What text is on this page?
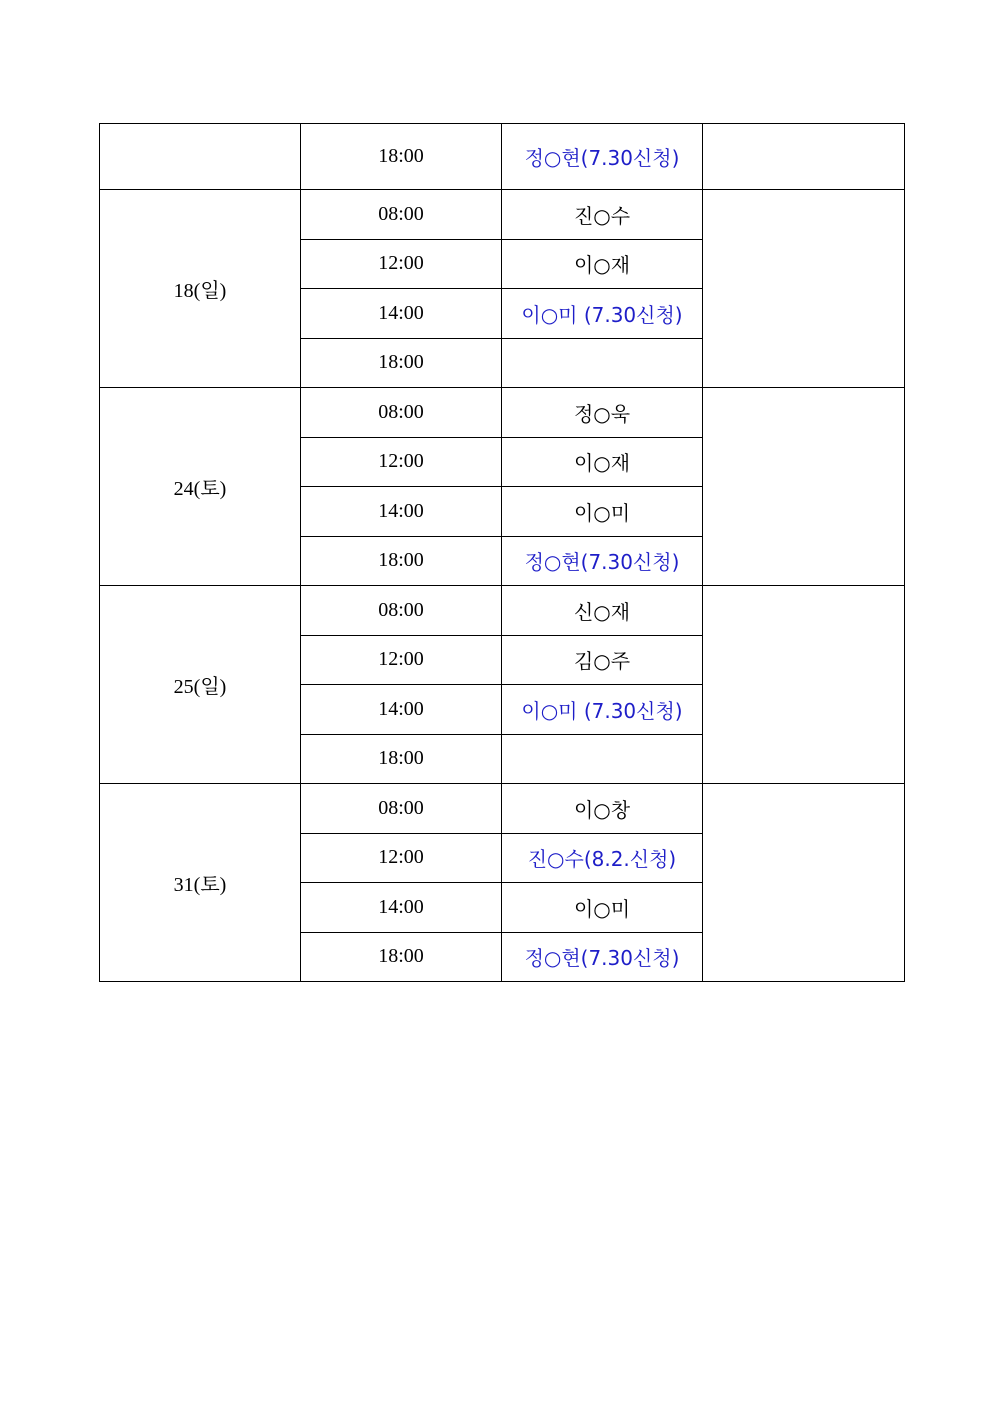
	18:00	정○현(7.30신청)	
18(일)	08:00	진○수	
	12:00	이○재	
	14:00	이○미 (7.30신청)	
	18:00		
24(토)	08:00	정○욱	
	12:00	이○재	
	14:00	이○미	
	18:00	정○현(7.30신청)	
25(일)	08:00	신○재	
	12:00	김○주	
	14:00	이○미 (7.30신청)	
	18:00		
31(토)	08:00	이○창	
	12:00	진○수(8.2.신청)	
	14:00	이○미	
	18:00	정○현(7.30신청)	
